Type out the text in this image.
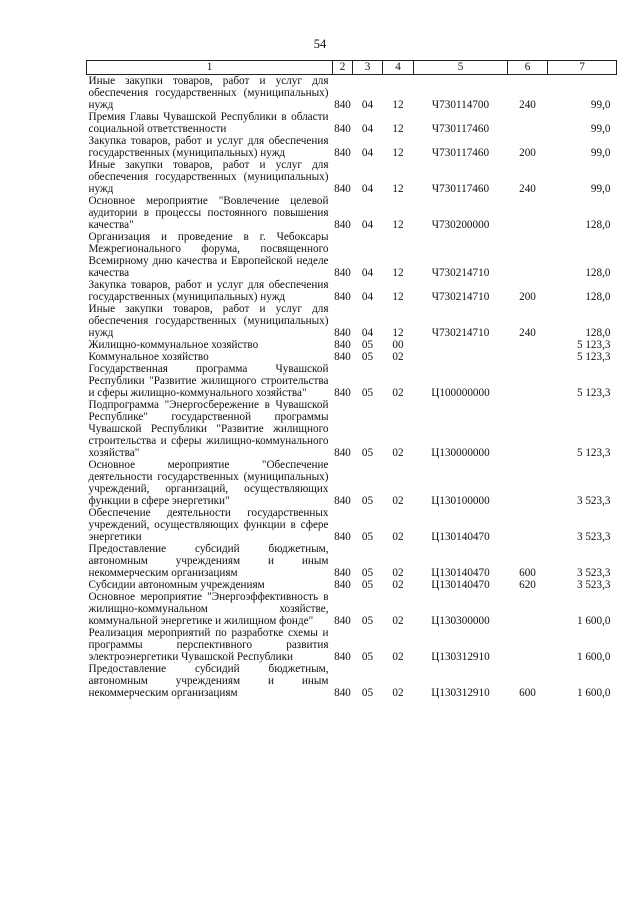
54
1	2	3	4	5	6	7
Иные закупки товаров, работ и услуг для обеспечения государственных (муниципальных) нужд	840	04	12	Ч730114700	240	99,0
Премия Главы Чувашской Республики в области социальной ответственности	840	04	12	Ч730117460		99,0
Закупка товаров, работ и услуг для обеспечения государственных (муниципальных) нужд	840	04	12	Ч730117460	200	99,0
Иные закупки товаров, работ и услуг для обеспечения государственных (муниципальных) нужд	840	04	12	Ч730117460	240	99,0
Основное мероприятие "Вовлечение целевой аудитории в процессы постоянного повышения качества"	840	04	12	Ч730200000		128,0
Организация и проведение в г. Чебоксары Межрегионального форума, посвященного Всемирному дню качества и Европейской неделе качества	840	04	12	Ч730214710		128,0
Закупка товаров, работ и услуг для обеспечения государственных (муниципальных) нужд	840	04	12	Ч730214710	200	128,0
Иные закупки товаров, работ и услуг для обеспечения государственных (муниципальных) нужд	840	04	12	Ч730214710	240	128,0
Жилищно-коммунальное хозяйство	840	05	00			5 123,3
Коммунальное хозяйство	840	05	02			5 123,3
Государственная программа Чувашской Республики "Развитие жилищного строительства и сферы жилищно-коммунального хозяйства"	840	05	02	Ц100000000		5 123,3
Подпрограмма "Энергосбережение в Чувашской Республике" государственной программы Чувашской Республики "Развитие жилищного строительства и сферы жилищно-коммунального хозяйства"	840	05	02	Ц130000000		5 123,3
Основное мероприятие "Обеспечение деятельности государственных (муниципальных) учреждений, организаций, осуществляющих функции в сфере энергетики"	840	05	02	Ц130100000		3 523,3
Обеспечение деятельности государственных учреждений, осуществляющих функции в сфере энергетики	840	05	02	Ц130140470		3 523,3
Предоставление субсидий бюджетным, автономным учреждениям и иным некоммерческим организациям	840	05	02	Ц130140470	600	3 523,3
Субсидии автономным учреждениям	840	05	02	Ц130140470	620	3 523,3
Основное мероприятие "Энергоэффективность в жилищно-коммунальном хозяйстве, коммунальной энергетике и жилищном фонде"	840	05	02	Ц130300000		1 600,0
Реализация мероприятий по разработке схемы и программы перспективного развития электроэнергетики Чувашской Республики	840	05	02	Ц130312910		1 600,0
Предоставление субсидий бюджетным, автономным учреждениям и иным некоммерческим организациям	840	05	02	Ц130312910	600	1 600,0
